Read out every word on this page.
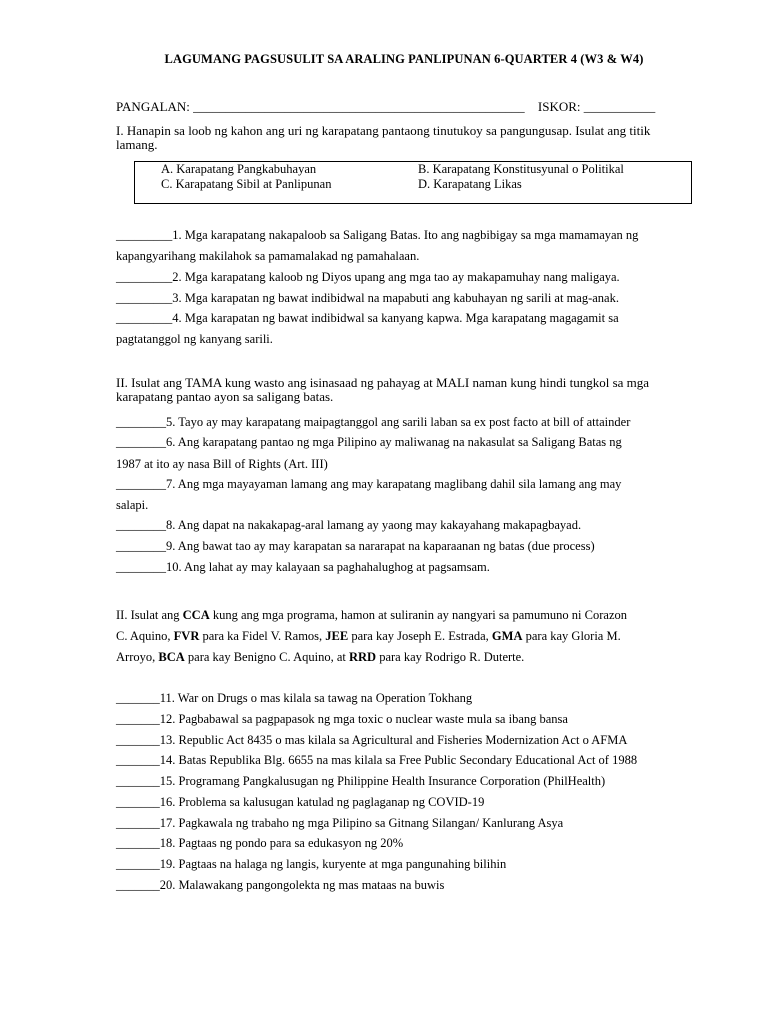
LAGUMANG PAGSUSULIT SA ARALING PANLIPUNAN 6-QUARTER 4 (W3 & W4)
PANGALAN: ___________________________________________________ ISKOR: ___________
I. Hanapin sa loob ng kahon ang uri ng karapatang pantaong tinutukoy sa pangungusap. Isulat ang titik lamang.
A. Karapatang Pangkabuhayan	B. Karapatang Konstitusyunal o Politikal
C. Karapatang Sibil at Panlipunan	D. Karapatang Likas
_________1. Mga karapatang nakapaloob sa Saligang Batas. Ito ang nagbibigay sa mga mamamayan ng
kapangyarihang makilahok sa pamamalakad ng pamahalaan.
_________2. Mga karapatang kaloob ng Diyos upang ang mga tao ay makapamuhay nang maligaya.
_________3. Mga karapatan ng bawat indibidwal na mapabuti ang kabuhayan ng sarili at mag-anak.
_________4. Mga karapatan ng bawat indibidwal sa kanyang kapwa. Mga karapatang magagamit sa
pagtatanggol ng kanyang sarili.
II. Isulat ang TAMA kung wasto ang isinasaad ng pahayag at MALI naman kung hindi tungkol sa mga karapatang pantao ayon sa saligang batas.
________5. Tayo ay may karapatang maipagtanggol ang sarili laban sa ex post facto at bill of attainder
________6. Ang karapatang pantao ng mga Pilipino ay maliwanag na nakasulat sa Saligang Batas ng
1987 at ito ay nasa Bill of Rights (Art. III)
________7. Ang mga mayayaman lamang ang may karapatang maglibang dahil sila lamang ang may
salapi.
________8. Ang dapat na nakakapag-aral lamang ay yaong may kakayahang makapagbayad.
________9. Ang bawat tao ay may karapatan sa nararapat na kaparaanan ng batas (due process)
________10. Ang lahat ay may kalayaan sa paghahalughog at pagsamsam.
II. Isulat ang CCA kung ang mga programa, hamon at suliranin ay nangyari sa pamumuno ni Corazon
C. Aquino, FVR para ka Fidel V. Ramos, JEE para kay Joseph E. Estrada, GMA para kay Gloria M.
Arroyo, BCA para kay Benigno C. Aquino, at RRD para kay Rodrigo R. Duterte.
_______11. War on Drugs o mas kilala sa tawag na Operation Tokhang
_______12. Pagbabawal sa pagpapasok ng mga toxic o nuclear waste mula sa ibang bansa
_______13. Republic Act 8435 o mas kilala sa Agricultural and Fisheries Modernization Act o AFMA
_______14. Batas Republika Blg. 6655 na mas kilala sa Free Public Secondary Educational Act of 1988
_______15. Programang Pangkalusugan ng Philippine Health Insurance Corporation (PhilHealth)
_______16. Problema sa kalusugan katulad ng paglaganap ng COVID-19
_______17. Pagkawala ng trabaho ng mga Pilipino sa Gitnang Silangan/ Kanlurang Asya
_______18. Pagtaas ng pondo para sa edukasyon ng 20%
_______19. Pagtaas na halaga ng langis, kuryente at mga pangunahing bilihin
_______20. Malawakang pangongolekta ng mas mataas na buwis
